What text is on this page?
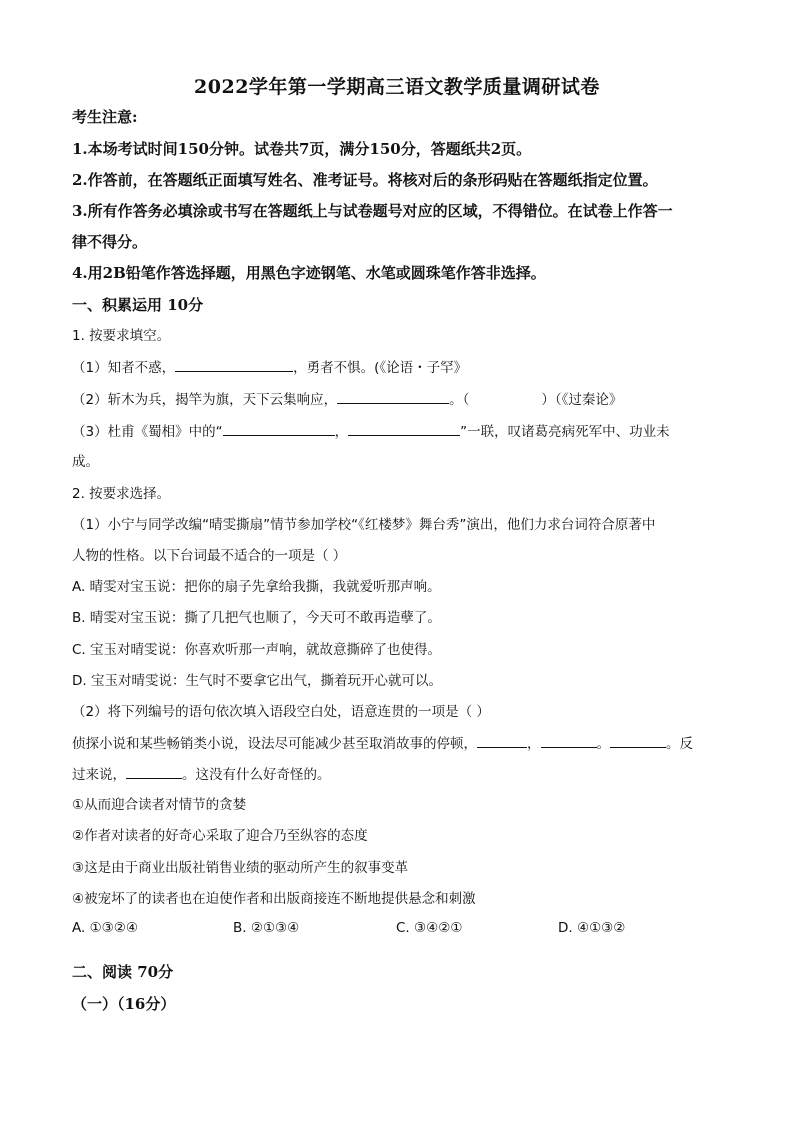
2022学年第一学期高三语文教学质量调研试卷
考生注意:
1.本场考试时间150分钟。试卷共7页，满分150分，答题纸共2页。
2.作答前，在答题纸正面填写姓名、准考证号。将核对后的条形码贴在答题纸指定位置。
3.所有作答务必填涂或书写在答题纸上与试卷题号对应的区域，不得错位。在试卷上作答一
律不得分。
4.用2B铅笔作答选择题，用黑色字迹钢笔、水笔或圆珠笔作答非选择。
一、积累运用 10分
1. 按要求填空。
（1）知者不惑，	，勇者不惧。(《论语・子罕》
（2）斩木为兵，揭竿为旗，天下云集响应，	。（	）（《过秦论》
（3）杜甫《蜀相》中的“	，	”一联，叹诸葛亮病死军中、功业未
成。
2. 按要求选择。
（1）小宁与同学改编“晴雯撕扇”情节参加学校“《红楼梦》舞台秀”演出，他们力求台词符合原著中
人物的性格。以下台词最不适合的一项是（ ）
A. 晴雯对宝玉说：把你的扇子先拿给我撕，我就爱听那声响。
B. 晴雯对宝玉说：撕了几把气也顺了，今天可不敢再造孽了。
C. 宝玉对晴雯说：你喜欢听那一声响，就故意撕碎了也使得。
D. 宝玉对晴雯说：生气时不要拿它出气，撕着玩开心就可以。
（2）将下列编号的语句依次填入语段空白处，语意连贯的一项是（ ）
侦探小说和某些畅销类小说，设法尽可能减少甚至取消故事的停顿，	，	。	。反
过来说，	。这没有什么好奇怪的。
①从而迎合读者对情节的贪婪
②作者对读者的好奇心采取了迎合乃至纵容的态度
③这是由于商业出版社销售业绩的驱动所产生的叙事变革
④被宠坏了的读者也在迫使作者和出版商接连不断地提供悬念和刺激
A. ①③②④	B. ②①③④	C. ③④②①	D. ④①③②
二、阅读 70分
（一）（16分）
